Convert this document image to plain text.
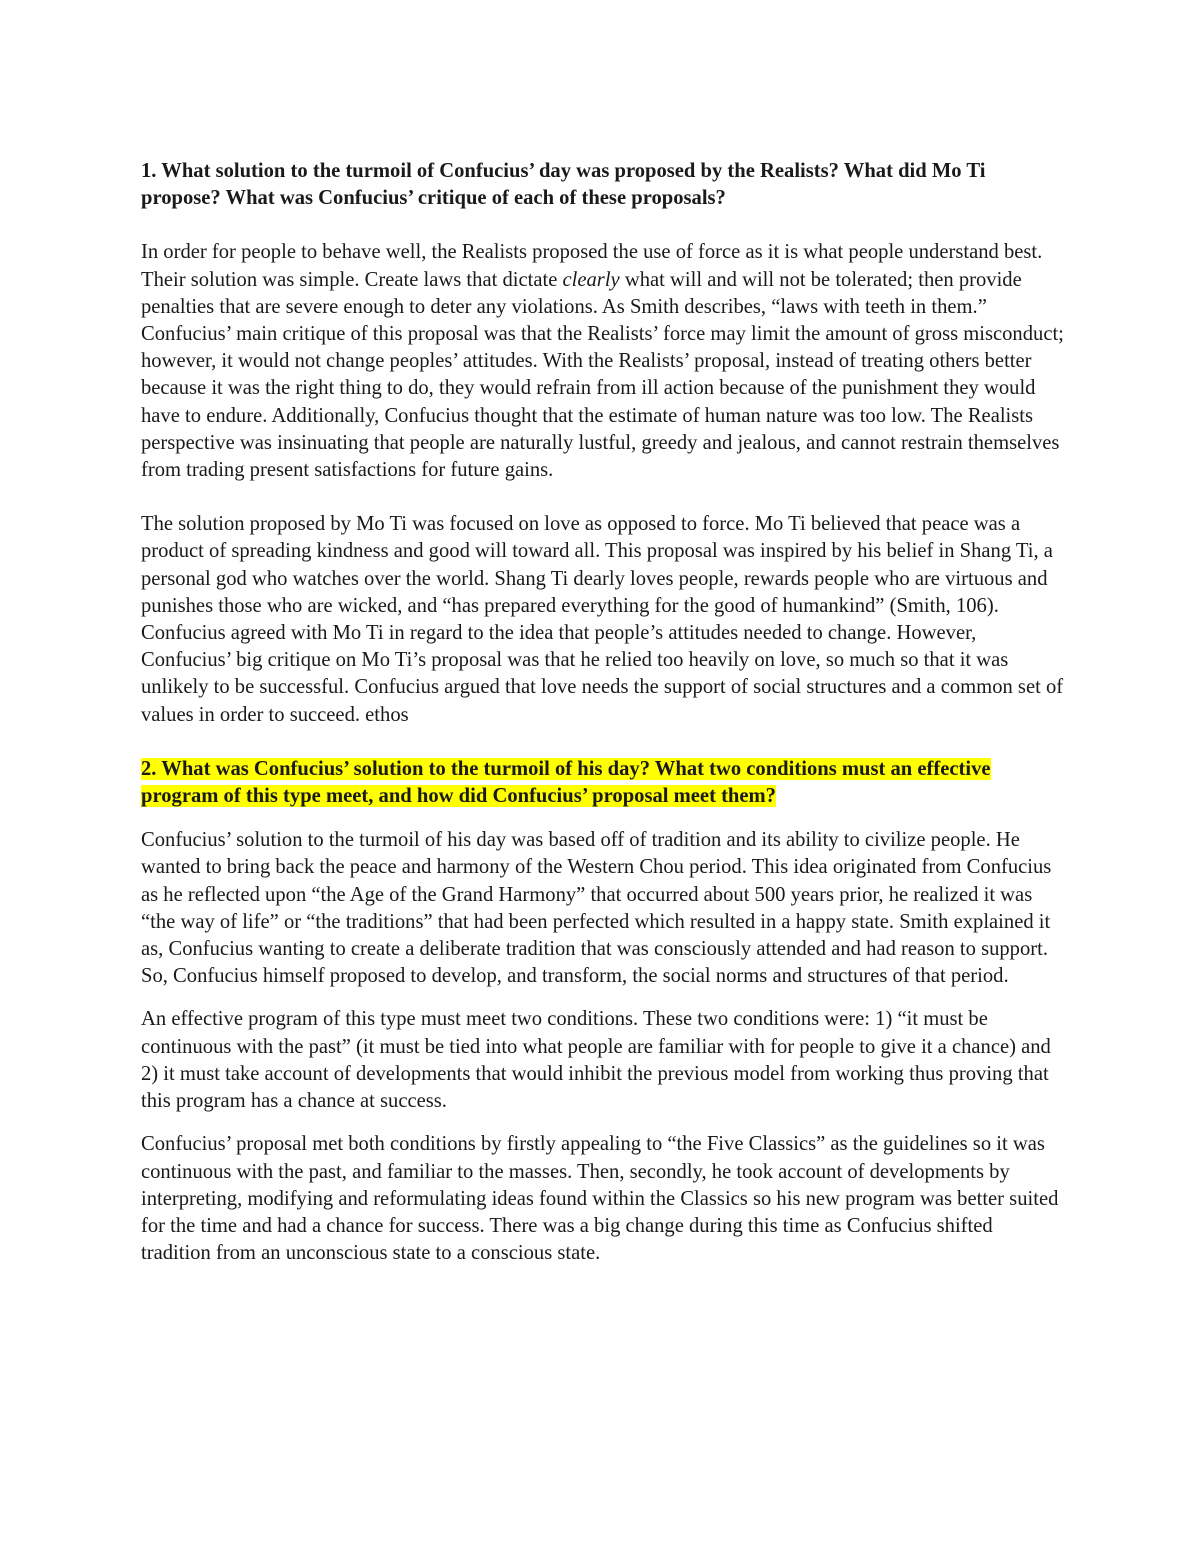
1. What solution to the turmoil of Confucius’ day was proposed by the Realists? What did Mo Ti propose? What was Confucius’ critique of each of these proposals?

In order for people to behave well, the Realists proposed the use of force as it is what people understand best. Their solution was simple. Create laws that dictate clearly what will and will not be tolerated; then provide penalties that are severe enough to deter any violations. As Smith describes, “laws with teeth in them.” Confucius’ main critique of this proposal was that the Realists’ force may limit the amount of gross misconduct; however, it would not change peoples’ attitudes. With the Realists’ proposal, instead of treating others better because it was the right thing to do, they would refrain from ill action because of the punishment they would have to endure. Additionally, Confucius thought that the estimate of human nature was too low. The Realists perspective was insinuating that people are naturally lustful, greedy and jealous, and cannot restrain themselves from trading present satisfactions for future gains.

The solution proposed by Mo Ti was focused on love as opposed to force. Mo Ti believed that peace was a product of spreading kindness and good will toward all. This proposal was inspired by his belief in Shang Ti, a personal god who watches over the world. Shang Ti dearly loves people, rewards people who are virtuous and punishes those who are wicked, and “has prepared everything for the good of humankind” (Smith, 106). Confucius agreed with Mo Ti in regard to the idea that people’s attitudes needed to change. However, Confucius’ big critique on Mo Ti’s proposal was that he relied too heavily on love, so much so that it was unlikely to be successful. Confucius argued that love needs the support of social structures and a common set of values in order to succeed. ethos

2. What was Confucius’ solution to the turmoil of his day? What two conditions must an effective program of this type meet, and how did Confucius’ proposal meet them?

Confucius’ solution to the turmoil of his day was based off of tradition and its ability to civilize people. He wanted to bring back the peace and harmony of the Western Chou period. This idea originated from Confucius as he reflected upon “the Age of the Grand Harmony” that occurred about 500 years prior, he realized it was “the way of life” or “the traditions” that had been perfected which resulted in a happy state. Smith explained it as, Confucius wanting to create a deliberate tradition that was consciously attended and had reason to support. So, Confucius himself proposed to develop, and transform, the social norms and structures of that period.

An effective program of this type must meet two conditions. These two conditions were: 1) “it must be continuous with the past” (it must be tied into what people are familiar with for people to give it a chance) and 2) it must take account of developments that would inhibit the previous model from working thus proving that this program has a chance at success.

Confucius’ proposal met both conditions by firstly appealing to “the Five Classics” as the guidelines so it was continuous with the past, and familiar to the masses. Then, secondly, he took account of developments by interpreting, modifying and reformulating ideas found within the Classics so his new program was better suited for the time and had a chance for success. There was a big change during this time as Confucius shifted tradition from an unconscious state to a conscious state.
